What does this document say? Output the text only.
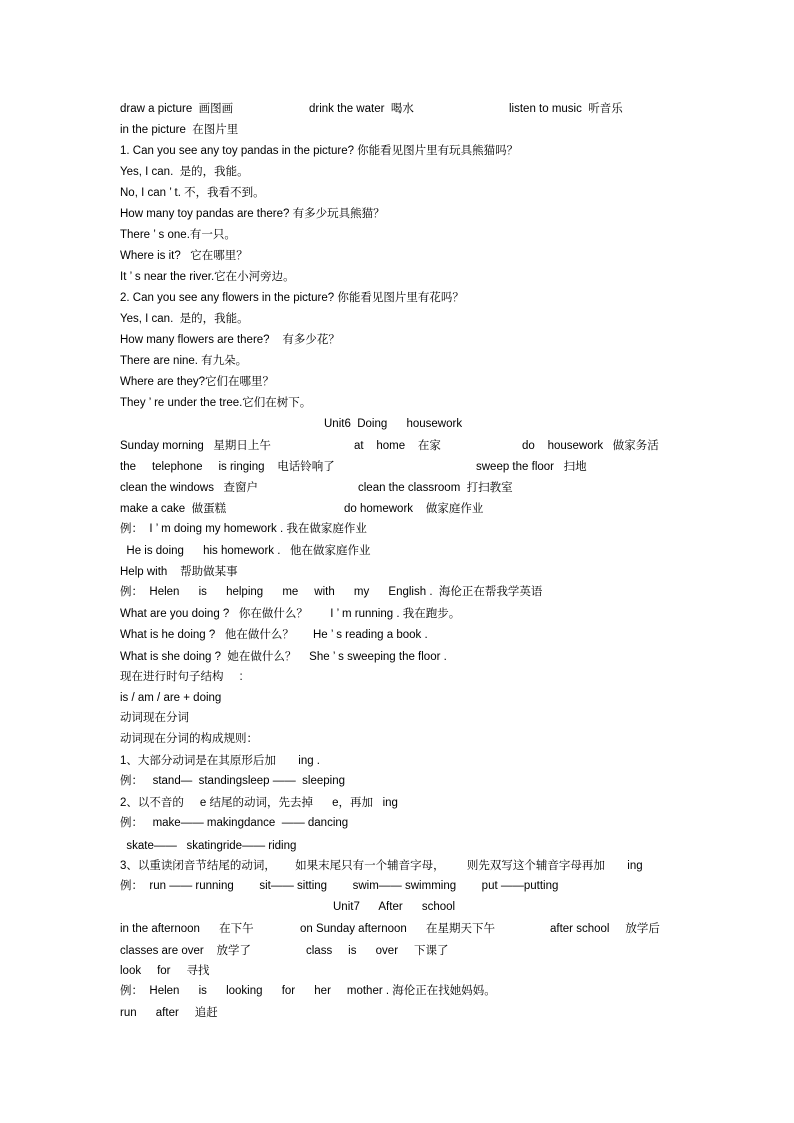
draw a picture  画图画	drink the water  喝水	listen to music  听音乐
in the picture  在图片里
1. Can you see any toy pandas in the picture? 你能看见图片里有玩具熊猫吗？
Yes, I can.  是的，我能。
No, I can ’ t. 不，我看不到。
How many toy pandas are there? 有多少玩具熊猫？
There ’ s one.有一只。
Where is it?   它在哪里？
It ’ s near the river.它在小河旁边。
2. Can you see any flowers in the picture? 你能看见图片里有花吗？
Yes, I can.  是的，我能。
How many flowers are there?    有多少花？
There are nine. 有九朵。
Where are they?它们在哪里？
They ’ re under the tree.它们在树下。
Unit6  Doing      housework
Sunday morning   星期日上午	at    home    在家	do    housework   做家务活
the     telephone     is ringing    电话铃响了	sweep the floor   扫地
clean the windows   查窗户	clean the classroom  打扫教室
make a cake  做蛋糕	do homework    做家庭作业
例：  I ’ m doing my homework . 我在做家庭作业
He is doing      his homework .   他在做家庭作业
Help with    帮助做某事
例：  Helen      is      helping      me     with      my      English .  海伦正在帮我学英语
What are you doing ?   你在做什么？       I ’ m running . 我在跑步。
What is he doing ?   他在做什么？      He ’ s reading a book .
What is she doing ?  她在做什么？    She ’ s sweeping the floor .
现在进行时句子结构     :
is / am / are + doing
动词现在分词
动词现在分词的构成规则：
1、大部分动词是在其原形后加       ing .
例：   stand—  standingsleep ——  sleeping
2、以不音的     e 结尾的动词，先去掉      e，再加   ing
例：   make—— makingdance  —— dancing
skate——   skatingride—— riding
3、以重读闭音节结尾的动词，      如果末尾只有一个辅音字母，       则先双写这个辅音字母再加       ing
例：  run —— running        sit—— sitting        swim—— swimming        put ——putting
Unit7      After      school
in the afternoon      在下午	on Sunday afternoon      在星期天下午	after school     放学后
classes are over    放学了	class     is      over     下课了
look     for     寻找
例：  Helen      is      looking      for      her     mother . 海伦正在找她妈妈。
run      after     追赶
